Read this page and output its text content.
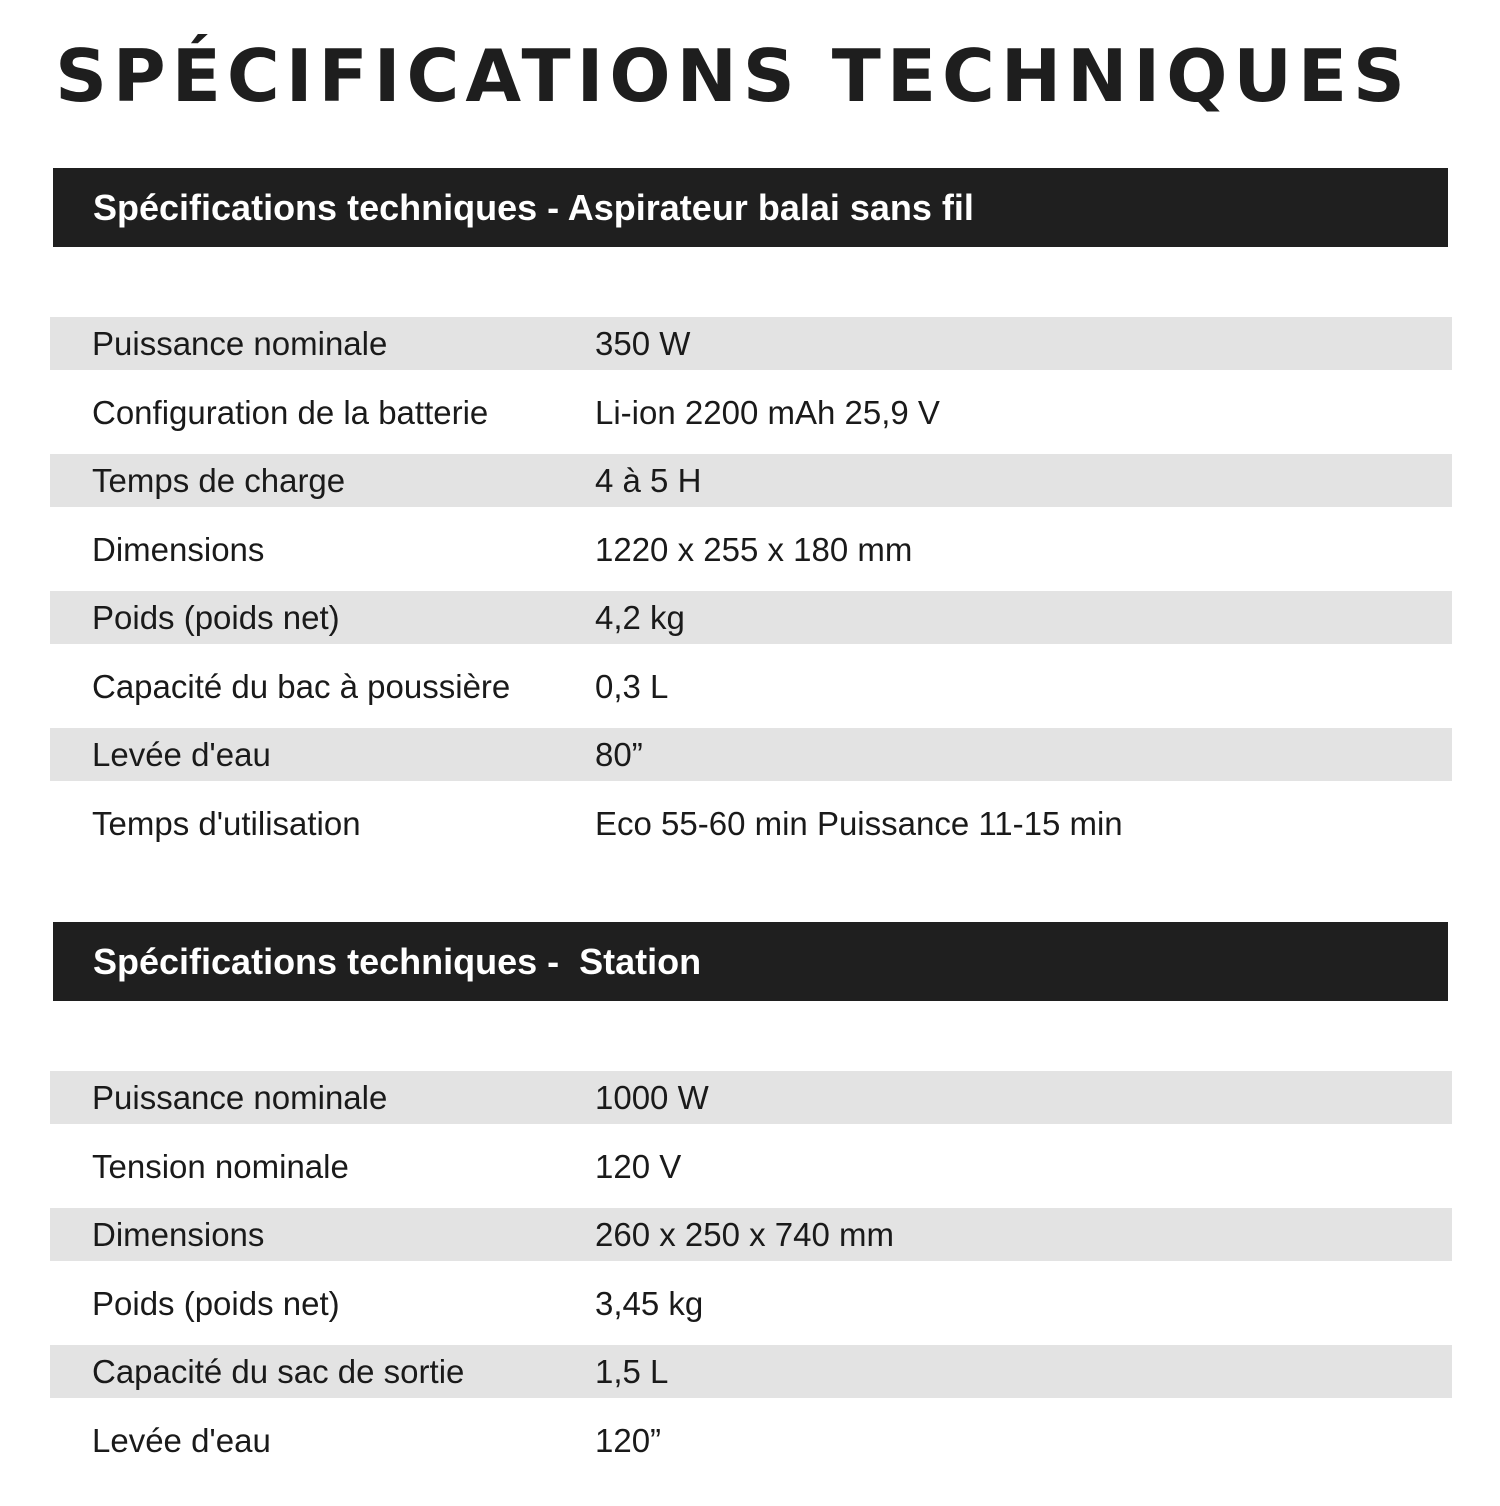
SPÉCIFICATIONS TECHNIQUES
Spécifications techniques - Aspirateur balai sans fil
Puissance nominale	350 W
Configuration de la batterie	Li-ion 2200 mAh 25,9 V
Temps de charge	4 à 5 H
Dimensions	1220 x 255 x 180 mm
Poids (poids net)	4,2 kg
Capacité du bac à poussière	0,3 L
Levée d'eau	80”
Temps d'utilisation	Eco 55-60 min Puissance 11-15 min
Spécifications techniques -  Station
Puissance nominale	1000 W
Tension nominale	120 V
Dimensions	260 x 250 x 740 mm
Poids (poids net)	3,45 kg
Capacité du sac de sortie	1,5 L
Levée d'eau	120”
